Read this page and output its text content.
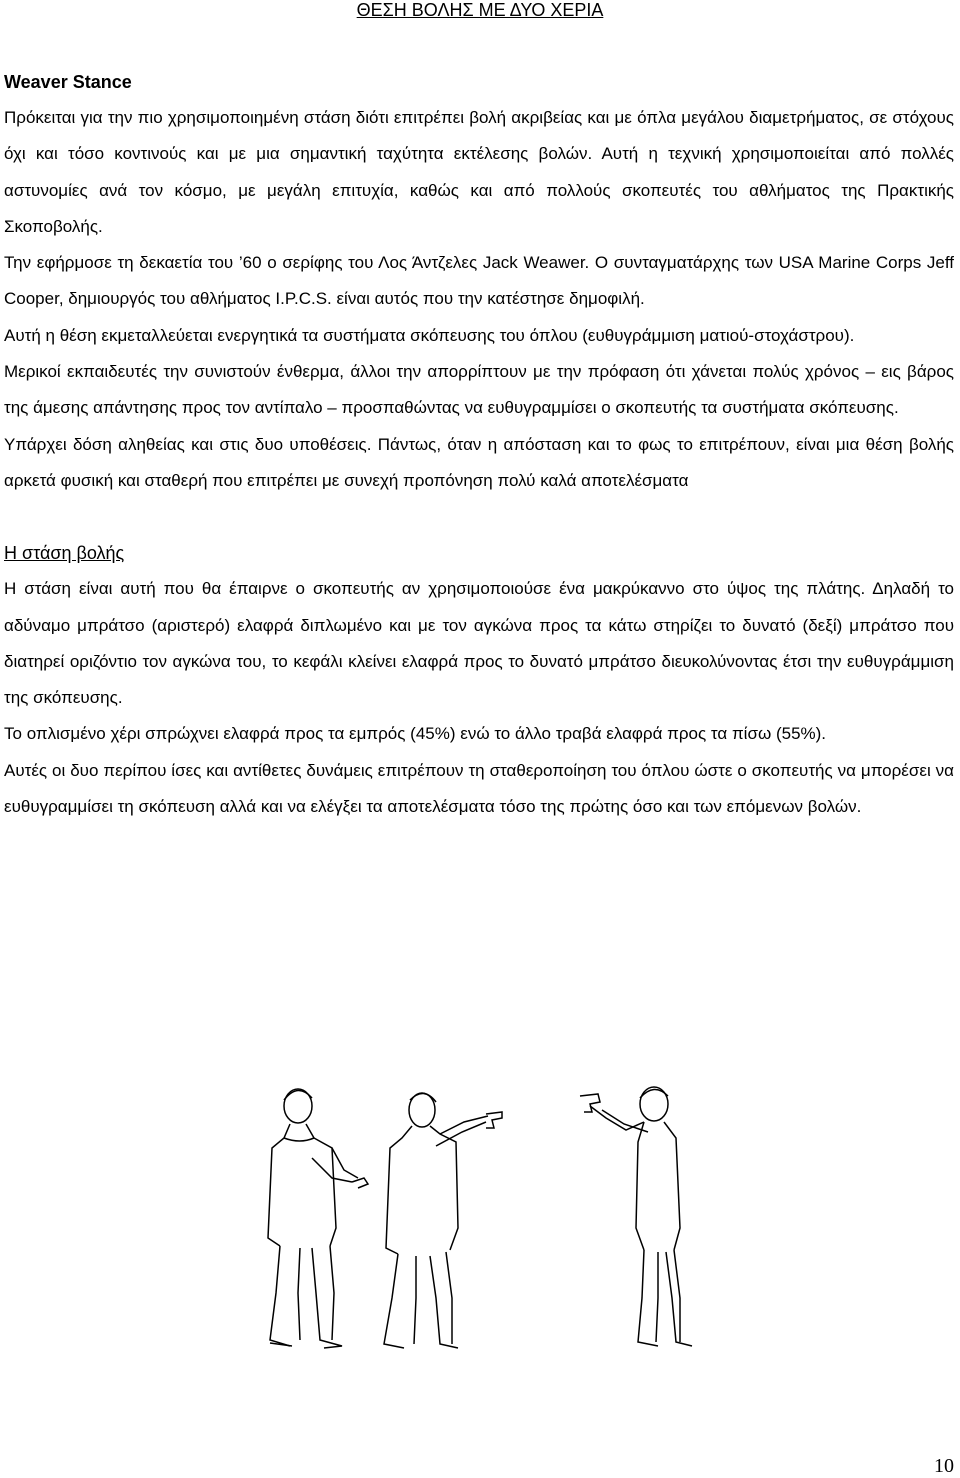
ΘΕΣΗ ΒΟΛΗΣ ΜΕ ΔΥΟ ΧΕΡΙΑ

Weaver Stance

Πρόκειται για την πιο χρησιμοποιημένη στάση διότι επιτρέπει βολή ακριβείας και με όπλα μεγάλου διαμετρήματος, σε στόχους όχι και τόσο κοντινούς και με μια σημαντική ταχύτητα εκτέλεσης βολών. Αυτή η τεχνική χρησιμοποιείται από πολλές αστυνομίες ανά τον κόσμο, με μεγάλη επιτυχία, καθώς και από πολλούς σκοπευτές του αθλήματος της Πρακτικής Σκοποβολής.

Την εφήρμοσε τη δεκαετία του ’60 ο σερίφης του Λος Άντζελες Jack Weawer. Ο συνταγματάρχης των USA Marine Corps Jeff Cooper, δημιουργός του αθλήματος I.P.C.S. είναι αυτός που την κατέστησε δημοφιλή.

Αυτή η θέση εκμεταλλεύεται ενεργητικά τα συστήματα σκόπευσης του όπλου (ευθυγράμμιση ματιού-στοχάστρου).

Μερικοί εκπαιδευτές την συνιστούν ένθερμα, άλλοι την απορρίπτουν με την πρόφαση ότι χάνεται πολύς χρόνος – εις βάρος της άμεσης απάντησης προς τον αντίπαλο – προσπαθώντας να ευθυγραμμίσει ο σκοπευτής τα συστήματα σκόπευσης.

Υπάρχει δόση αληθείας και στις δυο υποθέσεις. Πάντως, όταν η απόσταση και το φως το επιτρέπουν, είναι μια θέση βολής αρκετά φυσική και σταθερή που επιτρέπει με συνεχή προπόνηση πολύ καλά αποτελέσματα

Η στάση βολής

Η στάση είναι αυτή που θα έπαιρνε ο σκοπευτής αν χρησιμοποιούσε ένα μακρύκαννο στο ύψος της πλάτης. Δηλαδή το αδύναμο μπράτσο (αριστερό) ελαφρά διπλωμένο και με τον αγκώνα προς τα κάτω στηρίζει το δυνατό (δεξί) μπράτσο που διατηρεί οριζόντιο τον αγκώνα του, το κεφάλι κλείνει ελαφρά προς το δυνατό μπράτσο διευκολύνοντας έτσι την ευθυγράμμιση της σκόπευσης.

Το οπλισμένο χέρι σπρώχνει ελαφρά προς τα εμπρός (45%) ενώ το άλλο τραβά ελαφρά προς τα πίσω (55%).

Αυτές οι δυο περίπου ίσες και αντίθετες δυνάμεις επιτρέπουν τη σταθεροποίηση του όπλου ώστε ο σκοπευτής να μπορέσει να ευθυγραμμίσει τη σκόπευση αλλά και να ελέγξει τα αποτελέσματα τόσο της πρώτης όσο και των επόμενων βολών.

10
